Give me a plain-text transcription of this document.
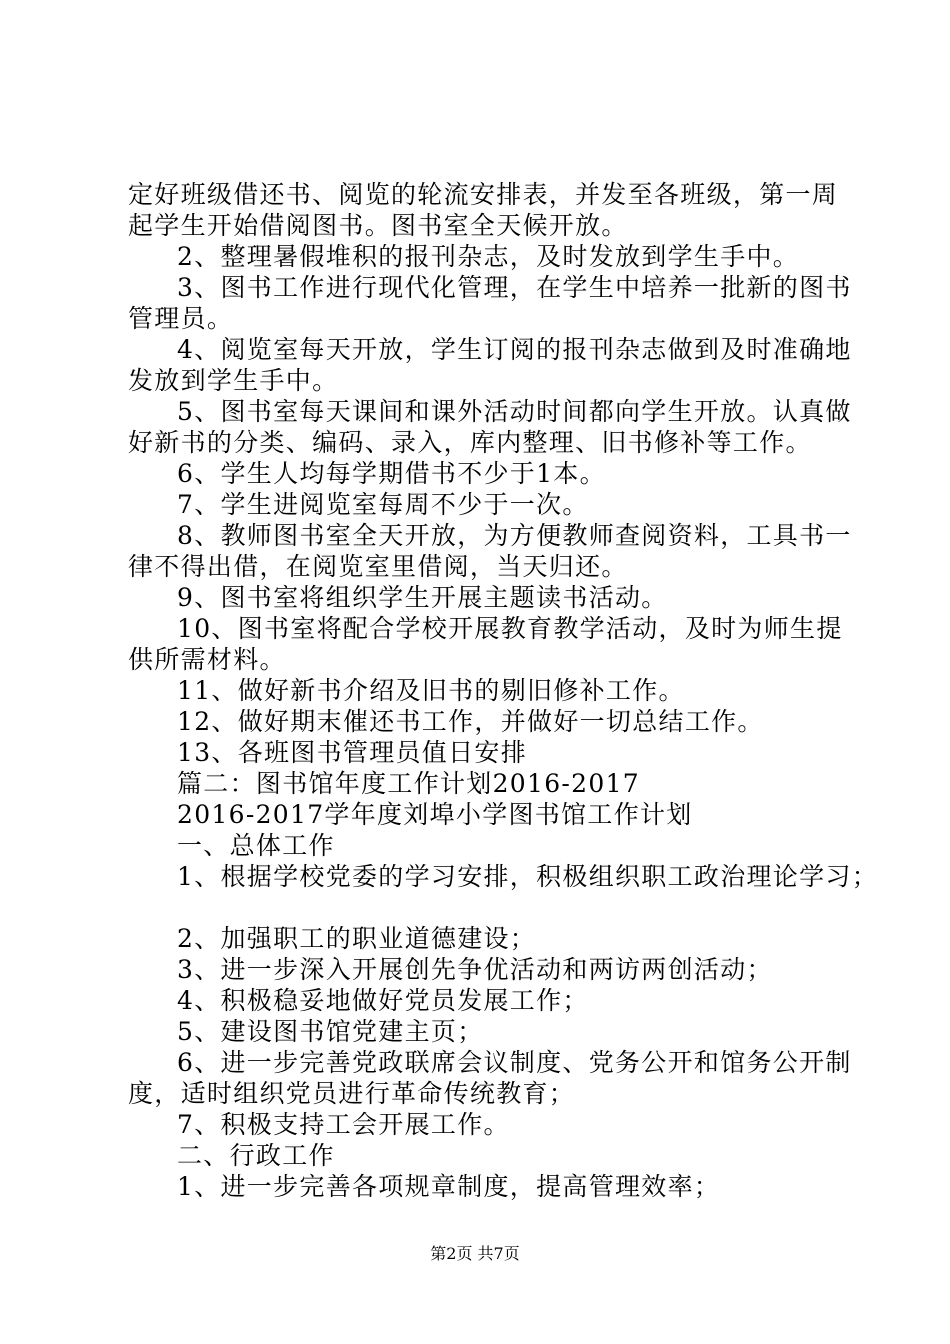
定好班级借还书、阅览的轮流安排表，并发至各班级，第一周
起学生开始借阅图书。图书室全天候开放。
2、整理暑假堆积的报刊杂志，及时发放到学生手中。
3、图书工作进行现代化管理，在学生中培养一批新的图书
管理员。
4、阅览室每天开放，学生订阅的报刊杂志做到及时准确地
发放到学生手中。
5、图书室每天课间和课外活动时间都向学生开放。认真做
好新书的分类、编码、录入，库内整理、旧书修补等工作。
6、学生人均每学期借书不少于1本。
7、学生进阅览室每周不少于一次。
8、教师图书室全天开放，为方便教师查阅资料，工具书一
律不得出借，在阅览室里借阅，当天归还。
9、图书室将组织学生开展主题读书活动。
10、图书室将配合学校开展教育教学活动，及时为师生提
供所需材料。
11、做好新书介绍及旧书的剔旧修补工作。
12、做好期末催还书工作，并做好一切总结工作。
13、各班图书管理员值日安排
篇二：图书馆年度工作计划2016-2017
2016-2017学年度刘埠小学图书馆工作计划
一、总体工作
1、根据学校党委的学习安排，积极组织职工政治理论学习；
2、加强职工的职业道德建设；
3、进一步深入开展创先争优活动和两访两创活动；
4、积极稳妥地做好党员发展工作；
5、建设图书馆党建主页；
6、进一步完善党政联席会议制度、党务公开和馆务公开制
度，适时组织党员进行革命传统教育；
7、积极支持工会开展工作。
二、行政工作
1、进一步完善各项规章制度，提高管理效率；
第2页 共7页
